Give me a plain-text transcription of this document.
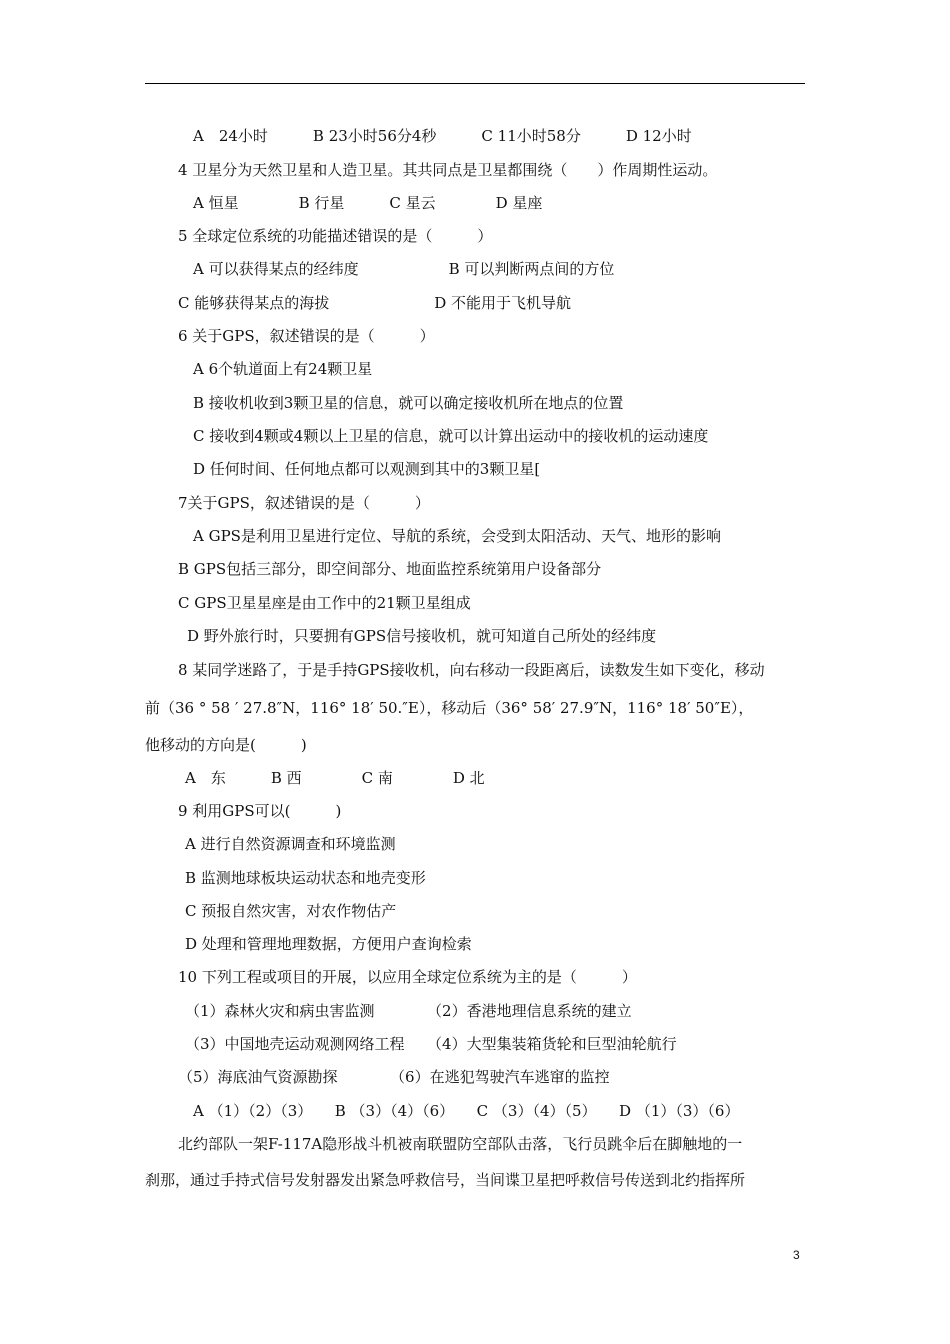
A　24小时　　　B 23小时56分4秒　　　C 11小时58分　　　D 12小时
4 卫星分为天然卫星和人造卫星。其共同点是卫星都围绕（　　）作周期性运动。
A 恒星　　　　B 行星　　　C 星云　　　　D 星座
5 全球定位系统的功能描述错误的是（　　　）
A 可以获得某点的经纬度　　　　　　B 可以判断两点间的方位
C 能够获得某点的海拔　　　　　　　D 不能用于飞机导航
6 关于GPS，叙述错误的是（　　　）
A 6个轨道面上有24颗卫星
B 接收机收到3颗卫星的信息，就可以确定接收机所在地点的位置
C 接收到4颗或4颗以上卫星的信息，就可以计算出运动中的接收机的运动速度
D 任何时间、任何地点都可以观测到其中的3颗卫星[
7关于GPS，叙述错误的是（　　　）
A GPS是利用卫星进行定位、导航的系统，会受到太阳活动、天气、地形的影响
B GPS包括三部分，即空间部分、地面监控系统第用户设备部分
C GPS卫星星座是由工作中的21颗卫星组成
D 野外旅行时，只要拥有GPS信号接收机，就可知道自己所处的经纬度
8 某同学迷路了，于是手持GPS接收机，向右移动一段距离后，读数发生如下变化，移动
前（36 ° 58 ′ 27.8″N，116° 18′ 50.″E），移动后（36° 58′ 27.9″N，116° 18′ 50″E），
他移动的方向是(　　　)
A　东　　　B 西　　　　C 南　　　　D 北
9 利用GPS可以(　　　)
A 进行自然资源调查和环境监测
B 监测地球板块运动状态和地壳变形
C 预报自然灾害，对农作物估产
D 处理和管理地理数据，方便用户查询检索
10 下列工程或项目的开展，以应用全球定位系统为主的是（　　　）
（1）森林火灾和病虫害监测　　　　（2）香港地理信息系统的建立
（3）中国地壳运动观测网络工程　　（4）大型集装箱货轮和巨型油轮航行
（5）海底油气资源勘探　　　　（6）在逃犯驾驶汽车逃窜的监控
A （1）（2）（3）　　B （3）（4）（6）　　C （3）（4）（5）　　D （1）（3）（6）
北约部队一架F-117A隐形战斗机被南联盟防空部队击落，飞行员跳伞后在脚触地的一
刹那，通过手持式信号发射器发出紧急呼救信号，当间谍卫星把呼救信号传送到北约指挥所
3
